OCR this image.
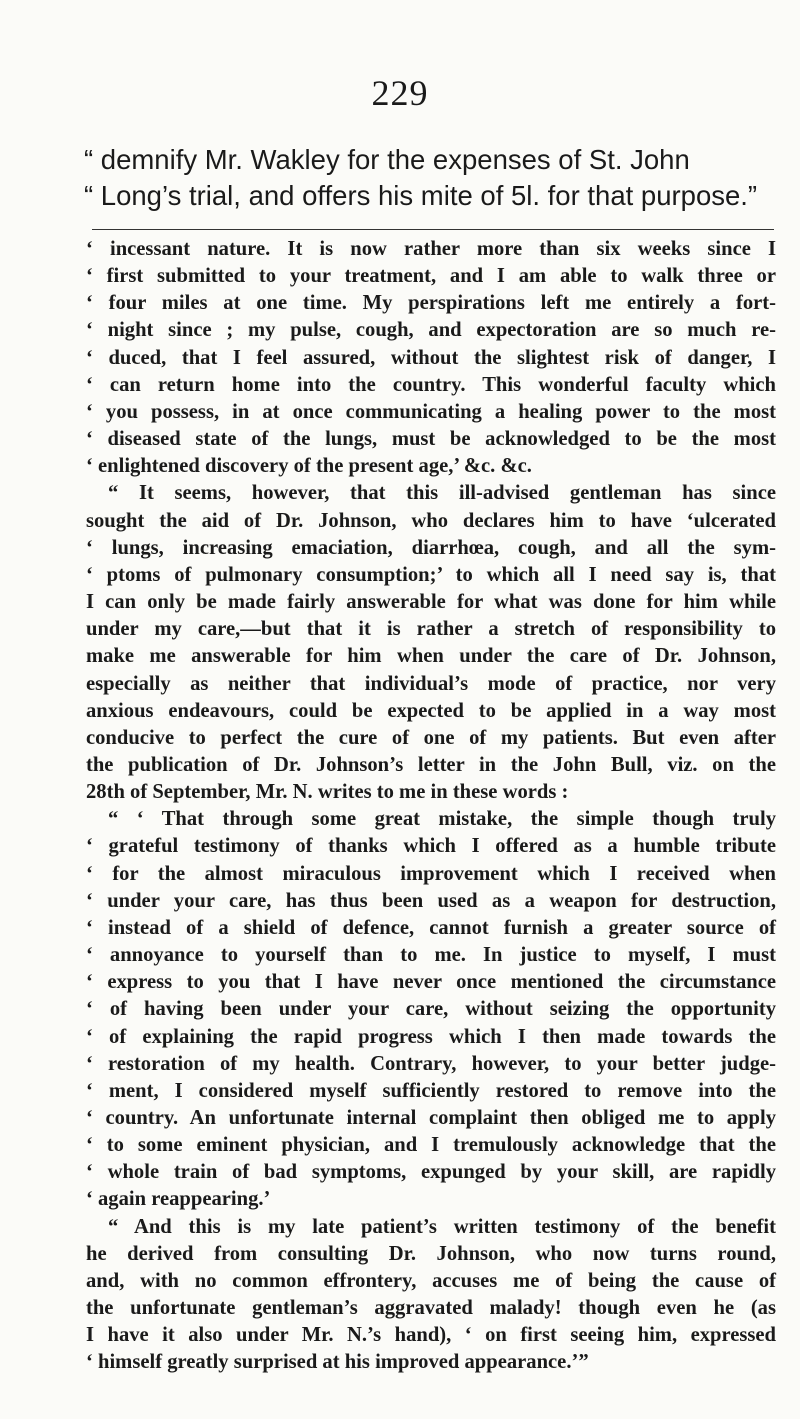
229
“ demnify Mr. Wakley for the expenses of St. John
“ Long’s trial, and offers his mite of 5l. for that purpose.”
‘ incessant nature. It is now rather more than six weeks since I
‘ first submitted to your treatment, and I am able to walk three or
‘ four miles at one time. My perspirations left me entirely a fort-
‘ night since ; my pulse, cough, and expectoration are so much re-
‘ duced, that I feel assured, without the slightest risk of danger, I
‘ can return home into the country. This wonderful faculty which
‘ you possess, in at once communicating a healing power to the most
‘ diseased state of the lungs, must be acknowledged to be the most
‘ enlightened discovery of the present age,’ &c. &c.
“ It seems, however, that this ill-advised gentleman has since
sought the aid of Dr. Johnson, who declares him to have ‘ulcerated
‘ lungs, increasing emaciation, diarrhœa, cough, and all the sym-
‘ ptoms of pulmonary consumption;’ to which all I need say is, that
I can only be made fairly answerable for what was done for him while
under my care,—but that it is rather a stretch of responsibility to
make me answerable for him when under the care of Dr. Johnson,
especially as neither that individual’s mode of practice, nor very
anxious endeavours, could be expected to be applied in a way most
conducive to perfect the cure of one of my patients. But even after
the publication of Dr. Johnson’s letter in the John Bull, viz. on the
28th of September, Mr. N. writes to me in these words :
“ ‘ That through some great mistake, the simple though truly
‘ grateful testimony of thanks which I offered as a humble tribute
‘ for the almost miraculous improvement which I received when
‘ under your care, has thus been used as a weapon for destruction,
‘ instead of a shield of defence, cannot furnish a greater source of
‘ annoyance to yourself than to me. In justice to myself, I must
‘ express to you that I have never once mentioned the circumstance
‘ of having been under your care, without seizing the opportunity
‘ of explaining the rapid progress which I then made towards the
‘ restoration of my health. Contrary, however, to your better judge-
‘ ment, I considered myself sufficiently restored to remove into the
‘ country. An unfortunate internal complaint then obliged me to apply
‘ to some eminent physician, and I tremulously acknowledge that the
‘ whole train of bad symptoms, expunged by your skill, are rapidly
‘ again reappearing.’
“ And this is my late patient’s written testimony of the benefit
he derived from consulting Dr. Johnson, who now turns round,
and, with no common effrontery, accuses me of being the cause of
the unfortunate gentleman’s aggravated malady! though even he (as
I have it also under Mr. N.’s hand), ‘ on first seeing him, expressed
‘ himself greatly surprised at his improved appearance.’”
